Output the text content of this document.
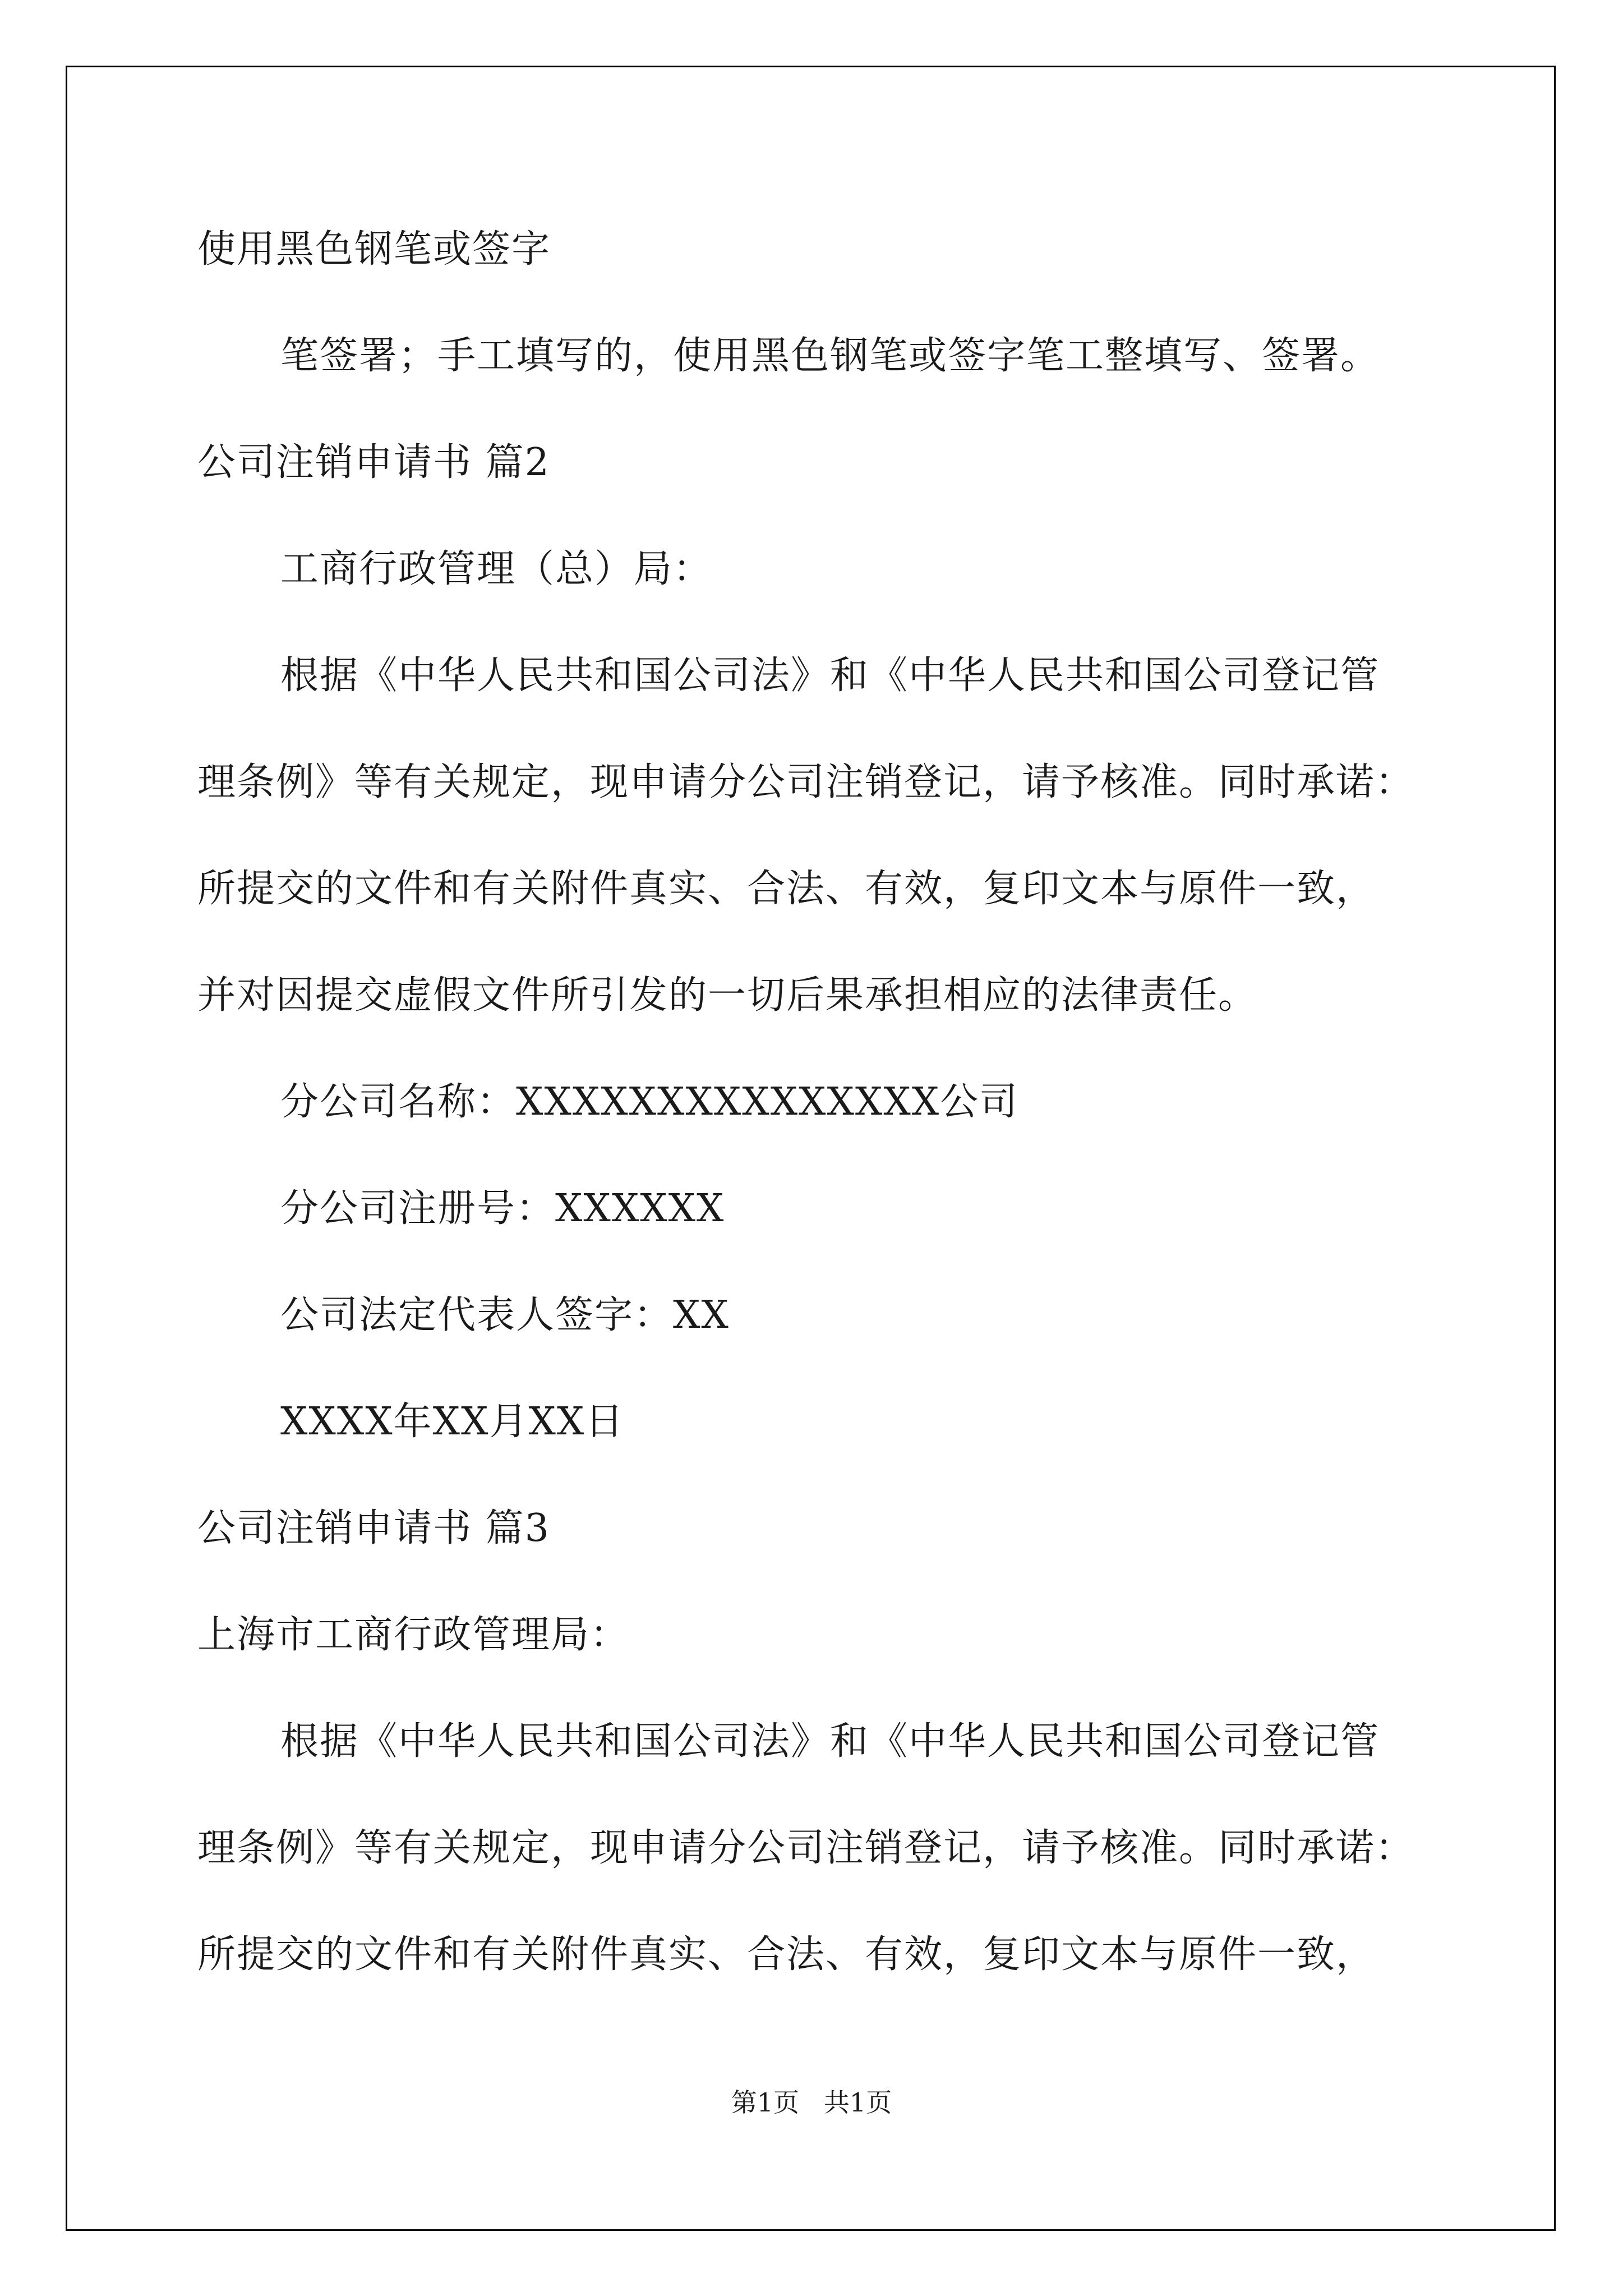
使用黑色钢笔或签字
笔签署；手工填写的，使用黑色钢笔或签字笔工整填写、签署。
公司注销申请书 篇2
工商行政管理（总）局：
根据《中华人民共和国公司法》和《中华人民共和国公司登记管
理条例》等有关规定，现申请分公司注销登记，请予核准。同时承诺：
所提交的文件和有关附件真实、合法、有效，复印文本与原件一致，
并对因提交虚假文件所引发的一切后果承担相应的法律责任。
分公司名称：XXXXXXXXXXXXXXX公司
分公司注册号：XXXXXX
公司法定代表人签字：XX
XXXX年XX月XX日
公司注销申请书 篇3
上海市工商行政管理局：
根据《中华人民共和国公司法》和《中华人民共和国公司登记管
理条例》等有关规定，现申请分公司注销登记，请予核准。同时承诺：
所提交的文件和有关附件真实、合法、有效，复印文本与原件一致，
第1页   共1页
